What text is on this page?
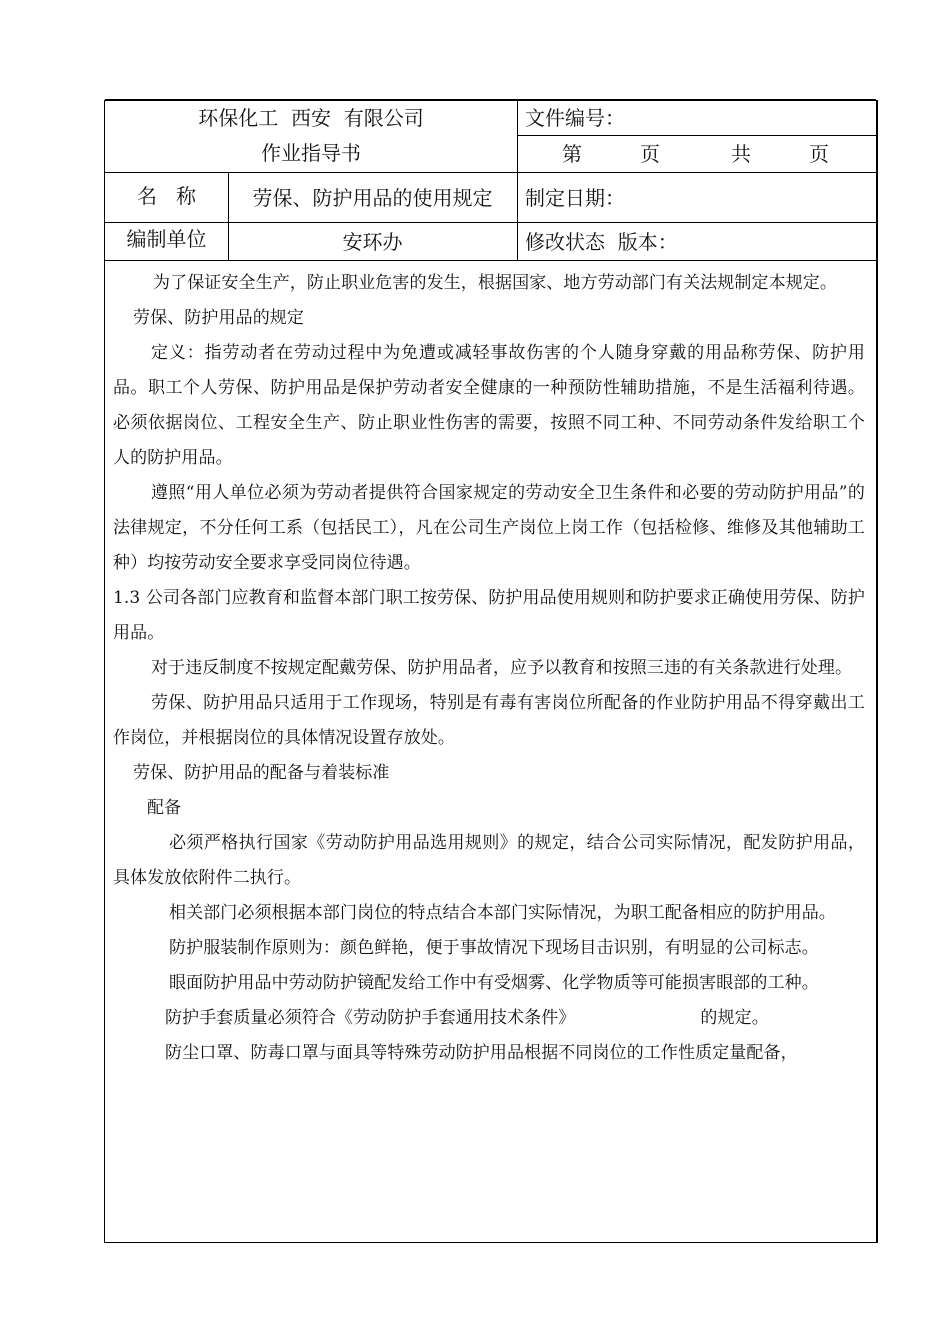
环保化工  西安  有限公司
作业指导书
文件编号：
第	页	共	页
名   称	劳保、防护用品的使用规定	制定日期：
编制单位	安环办	修改状态  版本：

为了保证安全生产，防止职业危害的发生，根据国家、地方劳动部门有关法规制定本规定。

劳保、防护用品的规定

定义：指劳动者在劳动过程中为免遭或减轻事故伤害的个人随身穿戴的用品称劳保、防护用品。职工个人劳保、防护用品是保护劳动者安全健康的一种预防性辅助措施，不是生活福利待遇。必须依据岗位、工程安全生产、防止职业性伤害的需要，按照不同工种、不同劳动条件发给职工个人的防护用品。

遵照“用人单位必须为劳动者提供符合国家规定的劳动安全卫生条件和必要的劳动防护用品”的法律规定，不分任何工系（包括民工），凡在公司生产岗位上岗工作（包括检修、维修及其他辅助工种）均按劳动安全要求享受同岗位待遇。

1.3 公司各部门应教育和监督本部门职工按劳保、防护用品使用规则和防护要求正确使用劳保、防护用品。

对于违反制度不按规定配戴劳保、防护用品者，应予以教育和按照三违的有关条款进行处理。

劳保、防护用品只适用于工作现场，特别是有毒有害岗位所配备的作业防护用品不得穿戴出工作岗位，并根据岗位的具体情况设置存放处。

劳保、防护用品的配备与着装标准

配备

必须严格执行国家《劳动防护用品选用规则》的规定，结合公司实际情况，配发防护用品，具体发放依附件二执行。

相关部门必须根据本部门岗位的特点结合本部门实际情况，为职工配备相应的防护用品。

防护服装制作原则为：颜色鲜艳，便于事故情况下现场目击识别，有明显的公司标志。

眼面防护用品中劳动防护镜配发给工作中有受烟雾、化学物质等可能损害眼部的工种。

防护手套质量必须符合《劳动防护手套通用技术条件》	的规定。

防尘口罩、防毒口罩与面具等特殊劳动防护用品根据不同岗位的工作性质定量配备，
